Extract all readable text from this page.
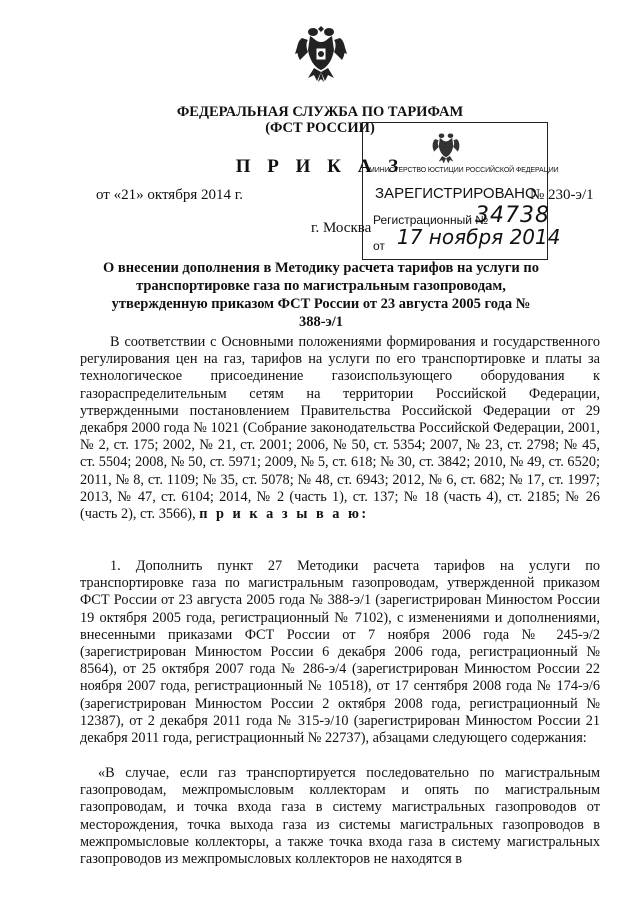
ФЕДЕРАЛЬНАЯ СЛУЖБА ПО ТАРИФАМ
(ФСТ РОССИИ)
П Р И К А З
от «21» октября 2014 г.
г. Москва
№ 230-э/1
МИНИСТЕРСТВО ЮСТИЦИИ РОССИЙСКОЙ ФЕДЕРАЦИИ
ЗАРЕГИСТРИРОВАНО
Регистрационный №
34738
от 17 ноября 2014
О внесении дополнения в Методику расчета тарифов на услуги по транспортировке газа по магистральным газопроводам, утвержденную приказом ФСТ России от 23 августа 2005 года № 388-э/1
В соответствии с Основными положениями формирования и государственного регулирования цен на газ, тарифов на услуги по его транспортировке и платы за технологическое присоединение газоиспользующего оборудования к газораспределительным сетям на территории Российской Федерации, утвержденными постановлением Правительства Российской Федерации от 29 декабря 2000 года № 1021 (Собрание законодательства Российской Федерации, 2001, № 2, ст. 175; 2002, № 21, ст. 2001; 2006, № 50, ст. 5354; 2007, № 23, ст. 2798; № 45, ст. 5504; 2008, № 50, ст. 5971; 2009, № 5, ст. 618; № 30, ст. 3842; 2010, № 49, ст. 6520; 2011, № 8, ст. 1109; № 35, ст. 5078; № 48, ст. 6943; 2012, № 6, ст. 682; № 17, ст. 1997; 2013, № 47, ст. 6104; 2014, № 2 (часть 1), ст. 137; № 18 (часть 4), ст. 2185; № 26 (часть 2), ст. 3566), п р и к а з ы в а ю:
1. Дополнить пункт 27 Методики расчета тарифов на услуги по транспортировке газа по магистральным газопроводам, утвержденной приказом ФСТ России от 23 августа 2005 года № 388-э/1 (зарегистрирован Минюстом России 19 октября 2005 года, регистрационный № 7102), с изменениями и дополнениями, внесенными приказами ФСТ России от 7 ноября 2006 года № 245-э/2 (зарегистрирован Минюстом России 6 декабря 2006 года, регистрационный № 8564), от 25 октября 2007 года № 286-э/4 (зарегистрирован Минюстом России 22 ноября 2007 года, регистрационный № 10518), от 17 сентября 2008 года № 174-э/6 (зарегистрирован Минюстом России 2 октября 2008 года, регистрационный № 12387), от 2 декабря 2011 года № 315-э/10 (зарегистрирован Минюстом России 21 декабря 2011 года, регистрационный № 22737), абзацами следующего содержания:
«В случае, если газ транспортируется последовательно по магистральным газопроводам, межпромысловым коллекторам и опять по магистральным газопроводам, и точка входа газа в систему магистральных газопроводов от месторождения, точка выхода газа из системы магистральных газопроводов в межпромысловые коллекторы, а также точка входа газа в систему магистральных газопроводов из межпромысловых коллекторов не находятся в
